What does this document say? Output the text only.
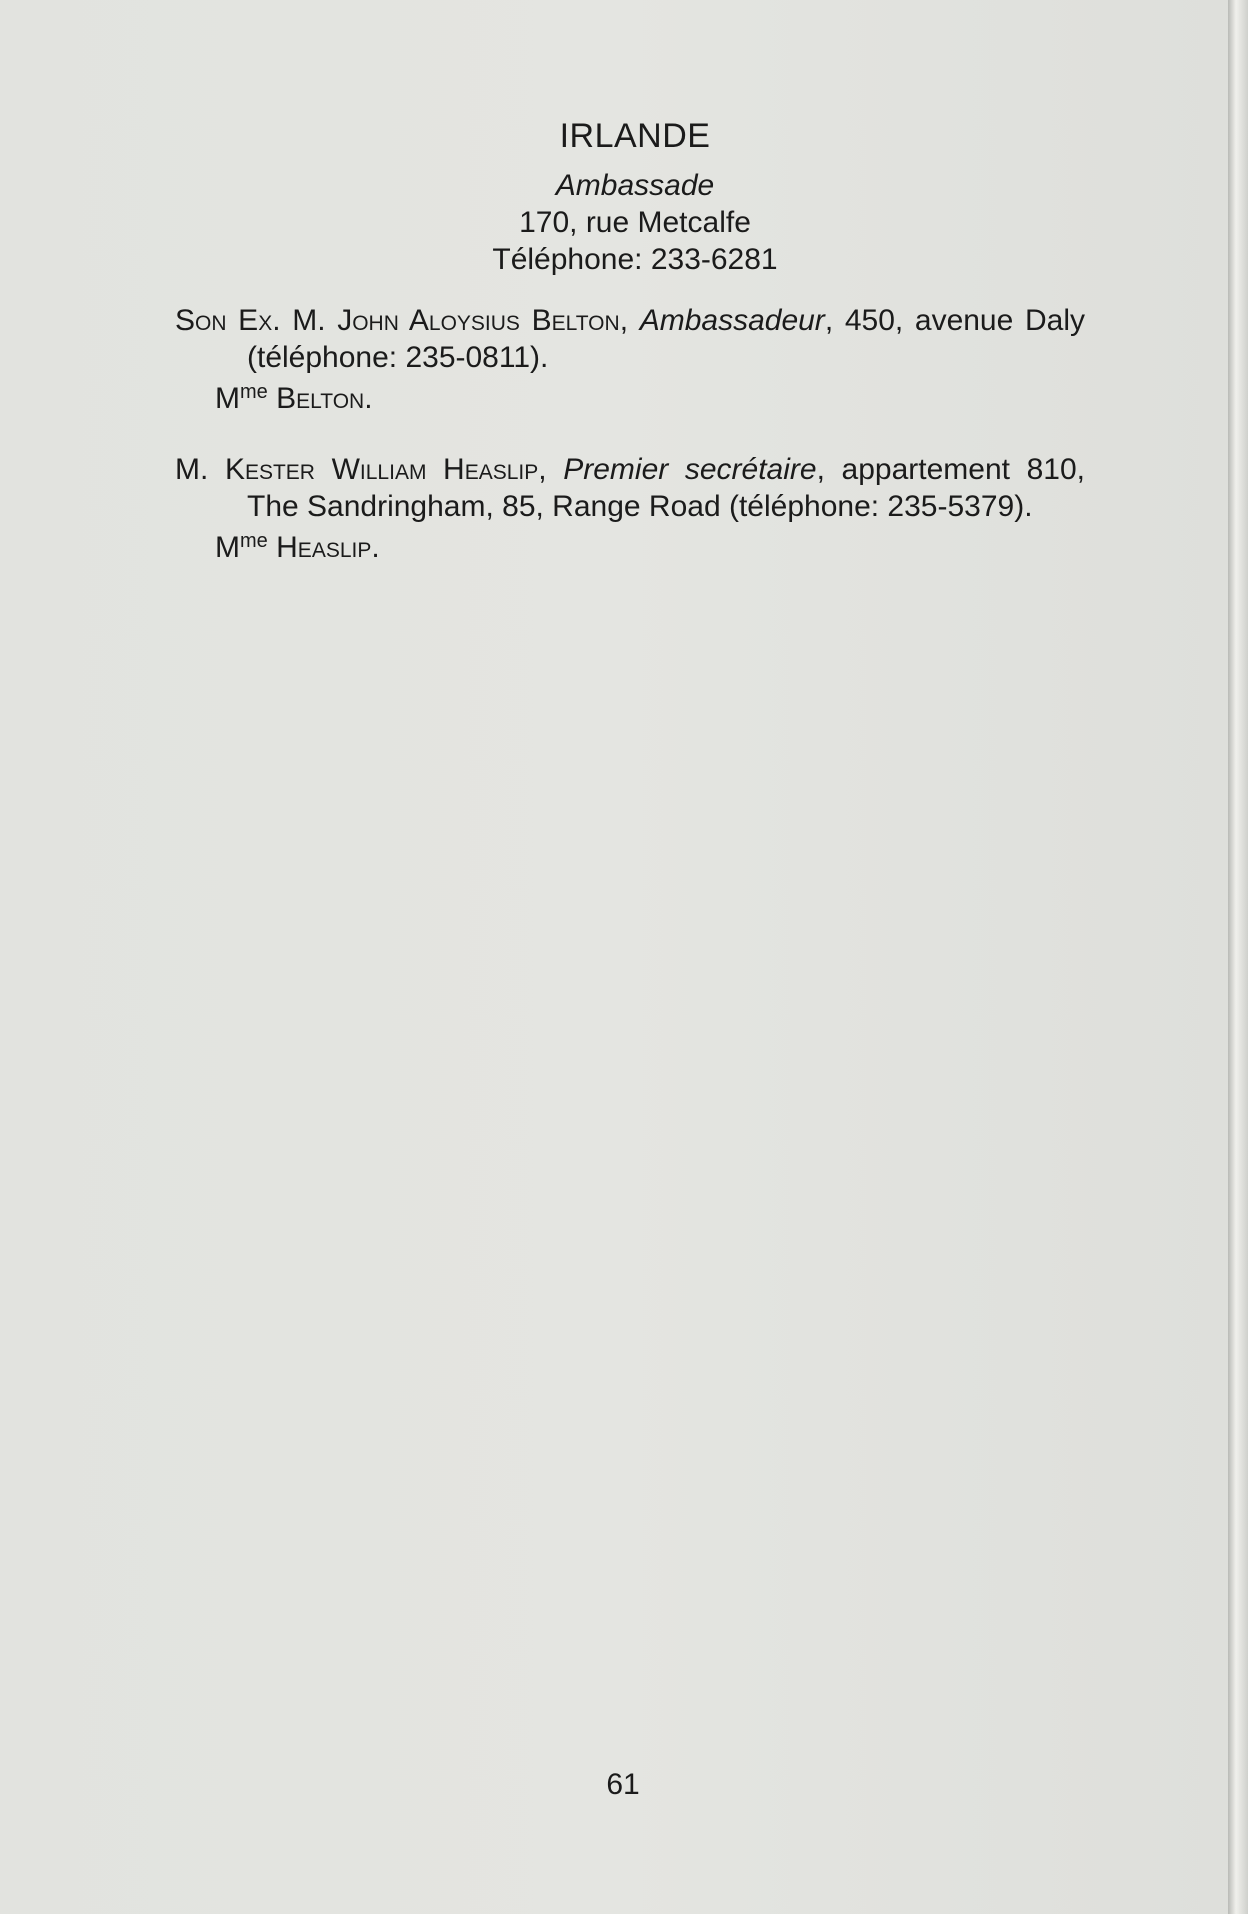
IRLANDE
Ambassade
170, rue Metcalfe
Téléphone: 233-6281

Son Ex. M. John Aloysius Belton, Ambassadeur, 450, avenue Daly (téléphone: 235-0811).

$M^{me}$ Belton.

M. Kester William Heaslip, Premier secrétaire, appartement 810, The Sandringham, 85, Range Road (téléphone: 235-5379).

$M^{me}$ Heaslip.
61
